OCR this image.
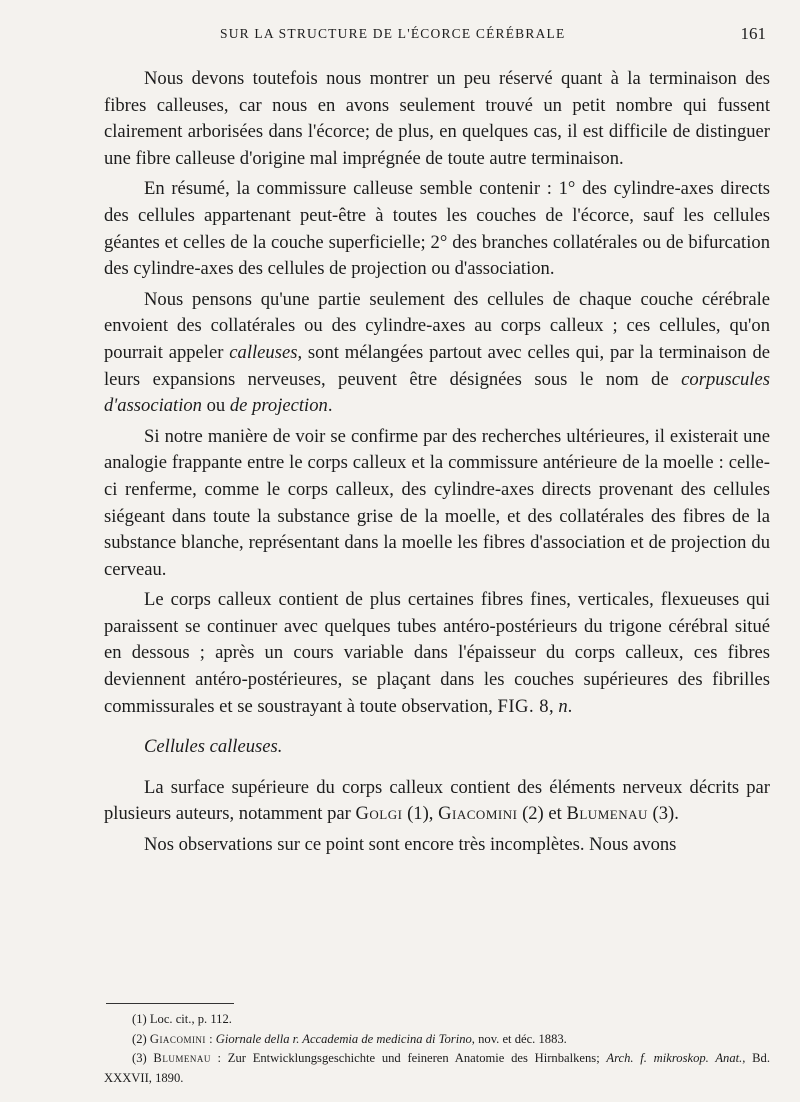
SUR LA STRUCTURE DE L'ÉCORCE CÉRÉBRALE	161

Nous devons toutefois nous montrer un peu réservé quant à la terminaison des fibres calleuses, car nous en avons seulement trouvé un petit nombre qui fussent clairement arborisées dans l'écorce; de plus, en quelques cas, il est difficile de distinguer une fibre calleuse d'origine mal imprégnée de toute autre terminaison.

En résumé, la commissure calleuse semble contenir : 1° des cylindre-axes directs des cellules appartenant peut-être à toutes les couches de l'écorce, sauf les cellules géantes et celles de la couche superficielle; 2° des branches collatérales ou de bifurcation des cylindre-axes des cellules de projection ou d'association.

Nous pensons qu'une partie seulement des cellules de chaque couche cérébrale envoient des collatérales ou des cylindre-axes au corps calleux ; ces cellules, qu'on pourrait appeler calleuses, sont mélangées partout avec celles qui, par la terminaison de leurs expansions nerveuses, peuvent être désignées sous le nom de corpuscules d'association ou de projection.

Si notre manière de voir se confirme par des recherches ultérieures, il existerait une analogie frappante entre le corps calleux et la commissure antérieure de la moelle : celle-ci renferme, comme le corps calleux, des cylindre-axes directs provenant des cellules siégeant dans toute la substance grise de la moelle, et des collatérales des fibres de la substance blanche, représentant dans la moelle les fibres d'association et de projection du cerveau.

Le corps calleux contient de plus certaines fibres fines, verticales, flexueuses qui paraissent se continuer avec quelques tubes antéro-postérieurs du trigone cérébral situé en dessous ; après un cours variable dans l'épaisseur du corps calleux, ces fibres deviennent antéro-postérieures, se plaçant dans les couches supérieures des fibrilles commissurales et se soustrayant à toute observation, FIG. 8, n.

Cellules calleuses.

La surface supérieure du corps calleux contient des éléments nerveux décrits par plusieurs auteurs, notamment par Golgi (1), Giacomini (2) et Blumenau (3).

Nos observations sur ce point sont encore très incomplètes. Nous avons

(1) Loc. cit., p. 112.
(2) Giacomini : Giornale della r. Accademia de medicina di Torino, nov. et déc. 1883.
(3) Blumenau : Zur Entwicklungsgeschichte und feineren Anatomie des Hirnbalkens; Arch. f. mikroskop. Anat., Bd. XXXVII, 1890.
